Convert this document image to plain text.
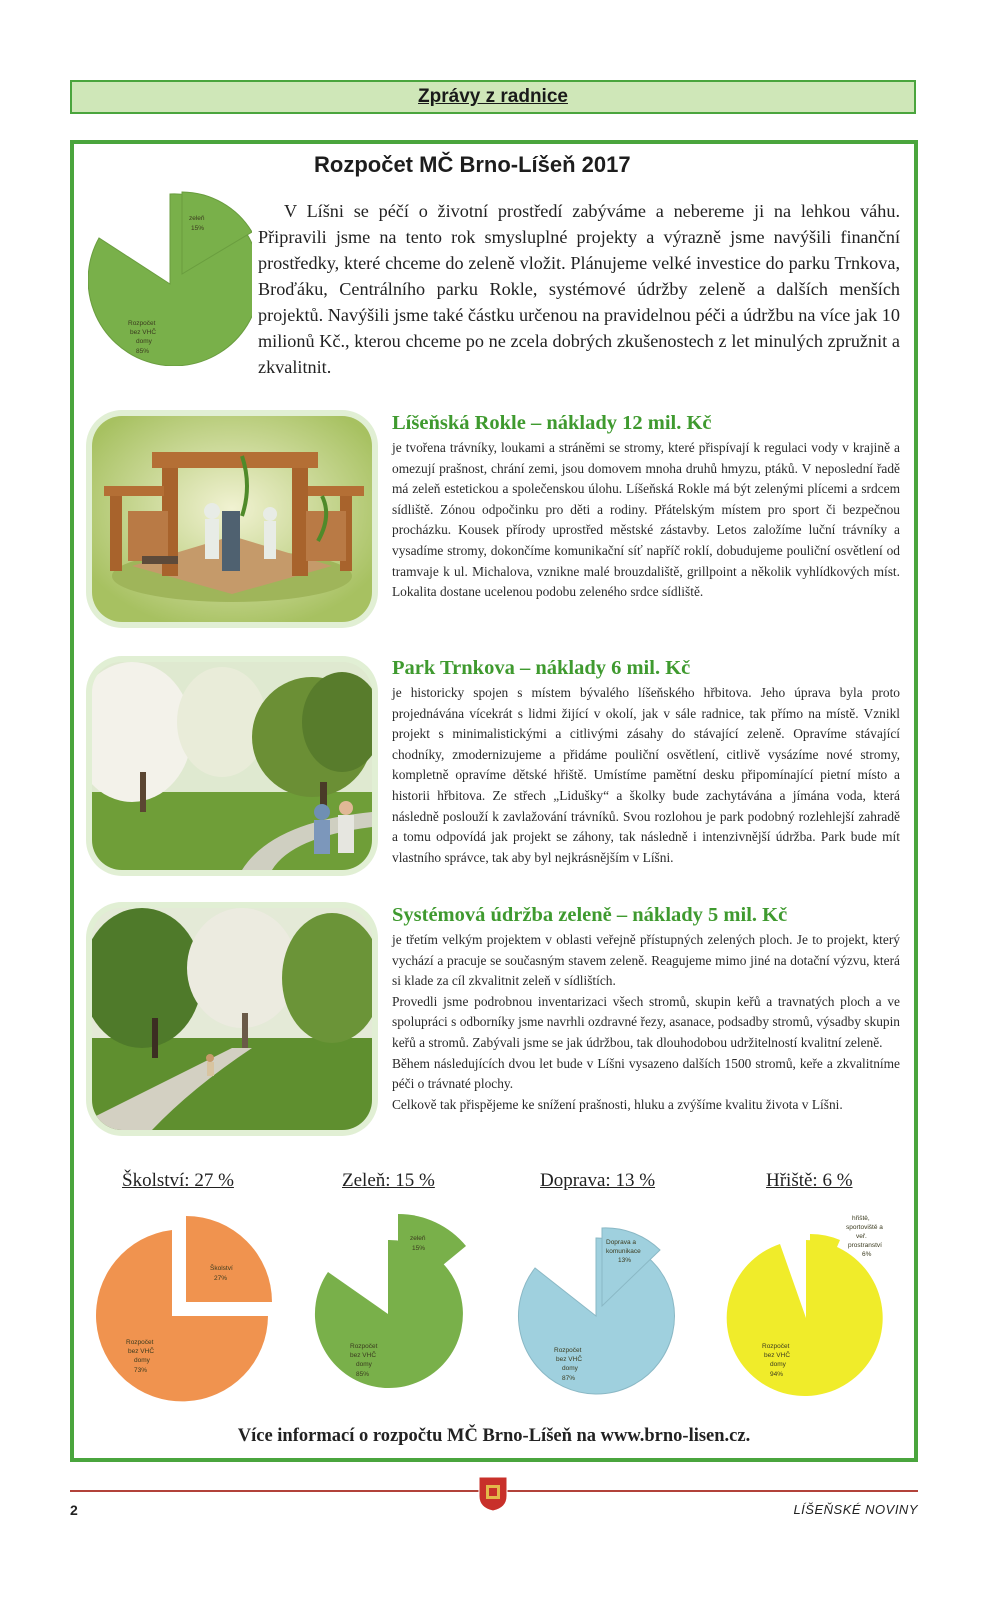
Zprávy z radnice
Rozpočet MČ Brno-Líšeň 2017

V Líšni se péčí o životní prostředí zabýváme a nebereme ji na lehkou váhu. Připravili jsme na tento rok smysluplné projekty a výrazně jsme navýšili finanční prostředky, které chceme do zeleně vložit. Plánujeme velké investice do parku Trnkova, Broďáku, Centrálního parku Rokle, systémové údržby zeleně a dalších menších projektů. Navýšili jsme také částku určenou na pravidelnou péči a údržbu na více jak 10 milionů Kč., kterou chceme po ne zcela dobrých zkušenostech z let minulých zpružnit a zkvalitnit.

zeleň
15%
Rozpočet
bez VHČ
domy
85%
Líšeňská Rokle – náklady 12 mil. Kč

je tvořena trávníky, loukami a stráněmi se stromy, které přispívají k regulaci vody v krajině a omezují prašnost, chrání zemi, jsou domovem mnoha druhů hmyzu, ptáků. V neposlední řadě má zeleň estetickou a společenskou úlohu. Líšeňská Rokle má být zelenými plícemi a srdcem sídliště. Zónou odpočinku pro děti a rodiny. Přátelským místem pro sport či bezpečnou procházku. Kousek přírody uprostřed městské zástavby. Letos založíme luční trávníky a vysadíme stromy, dokončíme komunikační síť napříč roklí, dobudujeme pouliční osvětlení od tramvaje k ul. Michalova, vznikne malé brouzdaliště, grillpoint a několik vyhlídkových míst. Lokalita dostane ucelenou podobu zeleného srdce sídliště.

Park Trnkova – náklady 6 mil. Kč

je historicky spojen s místem bývalého líšeňského hřbitova. Jeho úprava byla proto projednávána vícekrát s lidmi žijící v okolí, jak v sále radnice, tak přímo na místě. Vznikl projekt s minimalistickými a citlivými zásahy do stávající zeleně. Opravíme stávající chodníky, zmodernizujeme a přidáme pouliční osvětlení, citlivě vysázíme nové stromy, kompletně opravíme dětské hřiště. Umístíme pamětní desku připomínající pietní místo a historii hřbitova. Ze střech „Lidušky“ a školky bude zachytávána a jímána voda, která následně poslouží k zavlažování trávníků. Svou rozlohou je park podobný rozlehlejší zahradě a tomu odpovídá jak projekt se záhony, tak následně i intenzivnější údržba. Park bude mít vlastního správce, tak aby byl nejkrásnějším v Líšni.

Systémová údržba zeleně – náklady 5 mil. Kč

je třetím velkým projektem v oblasti veřejně přístupných zelených ploch. Je to projekt, který vychází a pracuje se současným stavem zeleně. Reagujeme mimo jiné na dotační výzvu, která si klade za cíl zkvalitnit zeleň v sídlištích.

Provedli jsme podrobnou inventarizaci všech stromů, skupin keřů a travnatých ploch a ve spolupráci s odborníky jsme navrhli ozdravné řezy, asanace, podsadby stromů, výsadby skupin keřů a stromů. Zabývali jsme se jak údržbou, tak dlouhodobou udržitelností kvalitní zeleně.

Během následujících dvou let bude v Líšni vysazeno dalších 1500 stromů, keře a zkvalitníme péči o trávnaté plochy.

Celkově tak přispějeme ke snížení prašnosti, hluku a zvýšíme kvalitu života v Líšni.

Školství: 27 %	Zeleň: 15 %	Doprava: 13 %	Hřiště: 6 %
Školství
27%
Rozpočet
bez VHČ
domy
73%
zeleň
15%
Rozpočet
bez VHČ
domy
85%
Doprava a
komunikace
13%
Rozpočet
bez VHČ
domy
87%
hřiště,
sportoviště a
veř.
prostranství
6%
Rozpočet
bez VHČ
domy
94%
Více informací o rozpočtu MČ Brno-Líšeň na www.brno-lisen.cz.
2	LÍŠEŇSKÉ NOVINY
